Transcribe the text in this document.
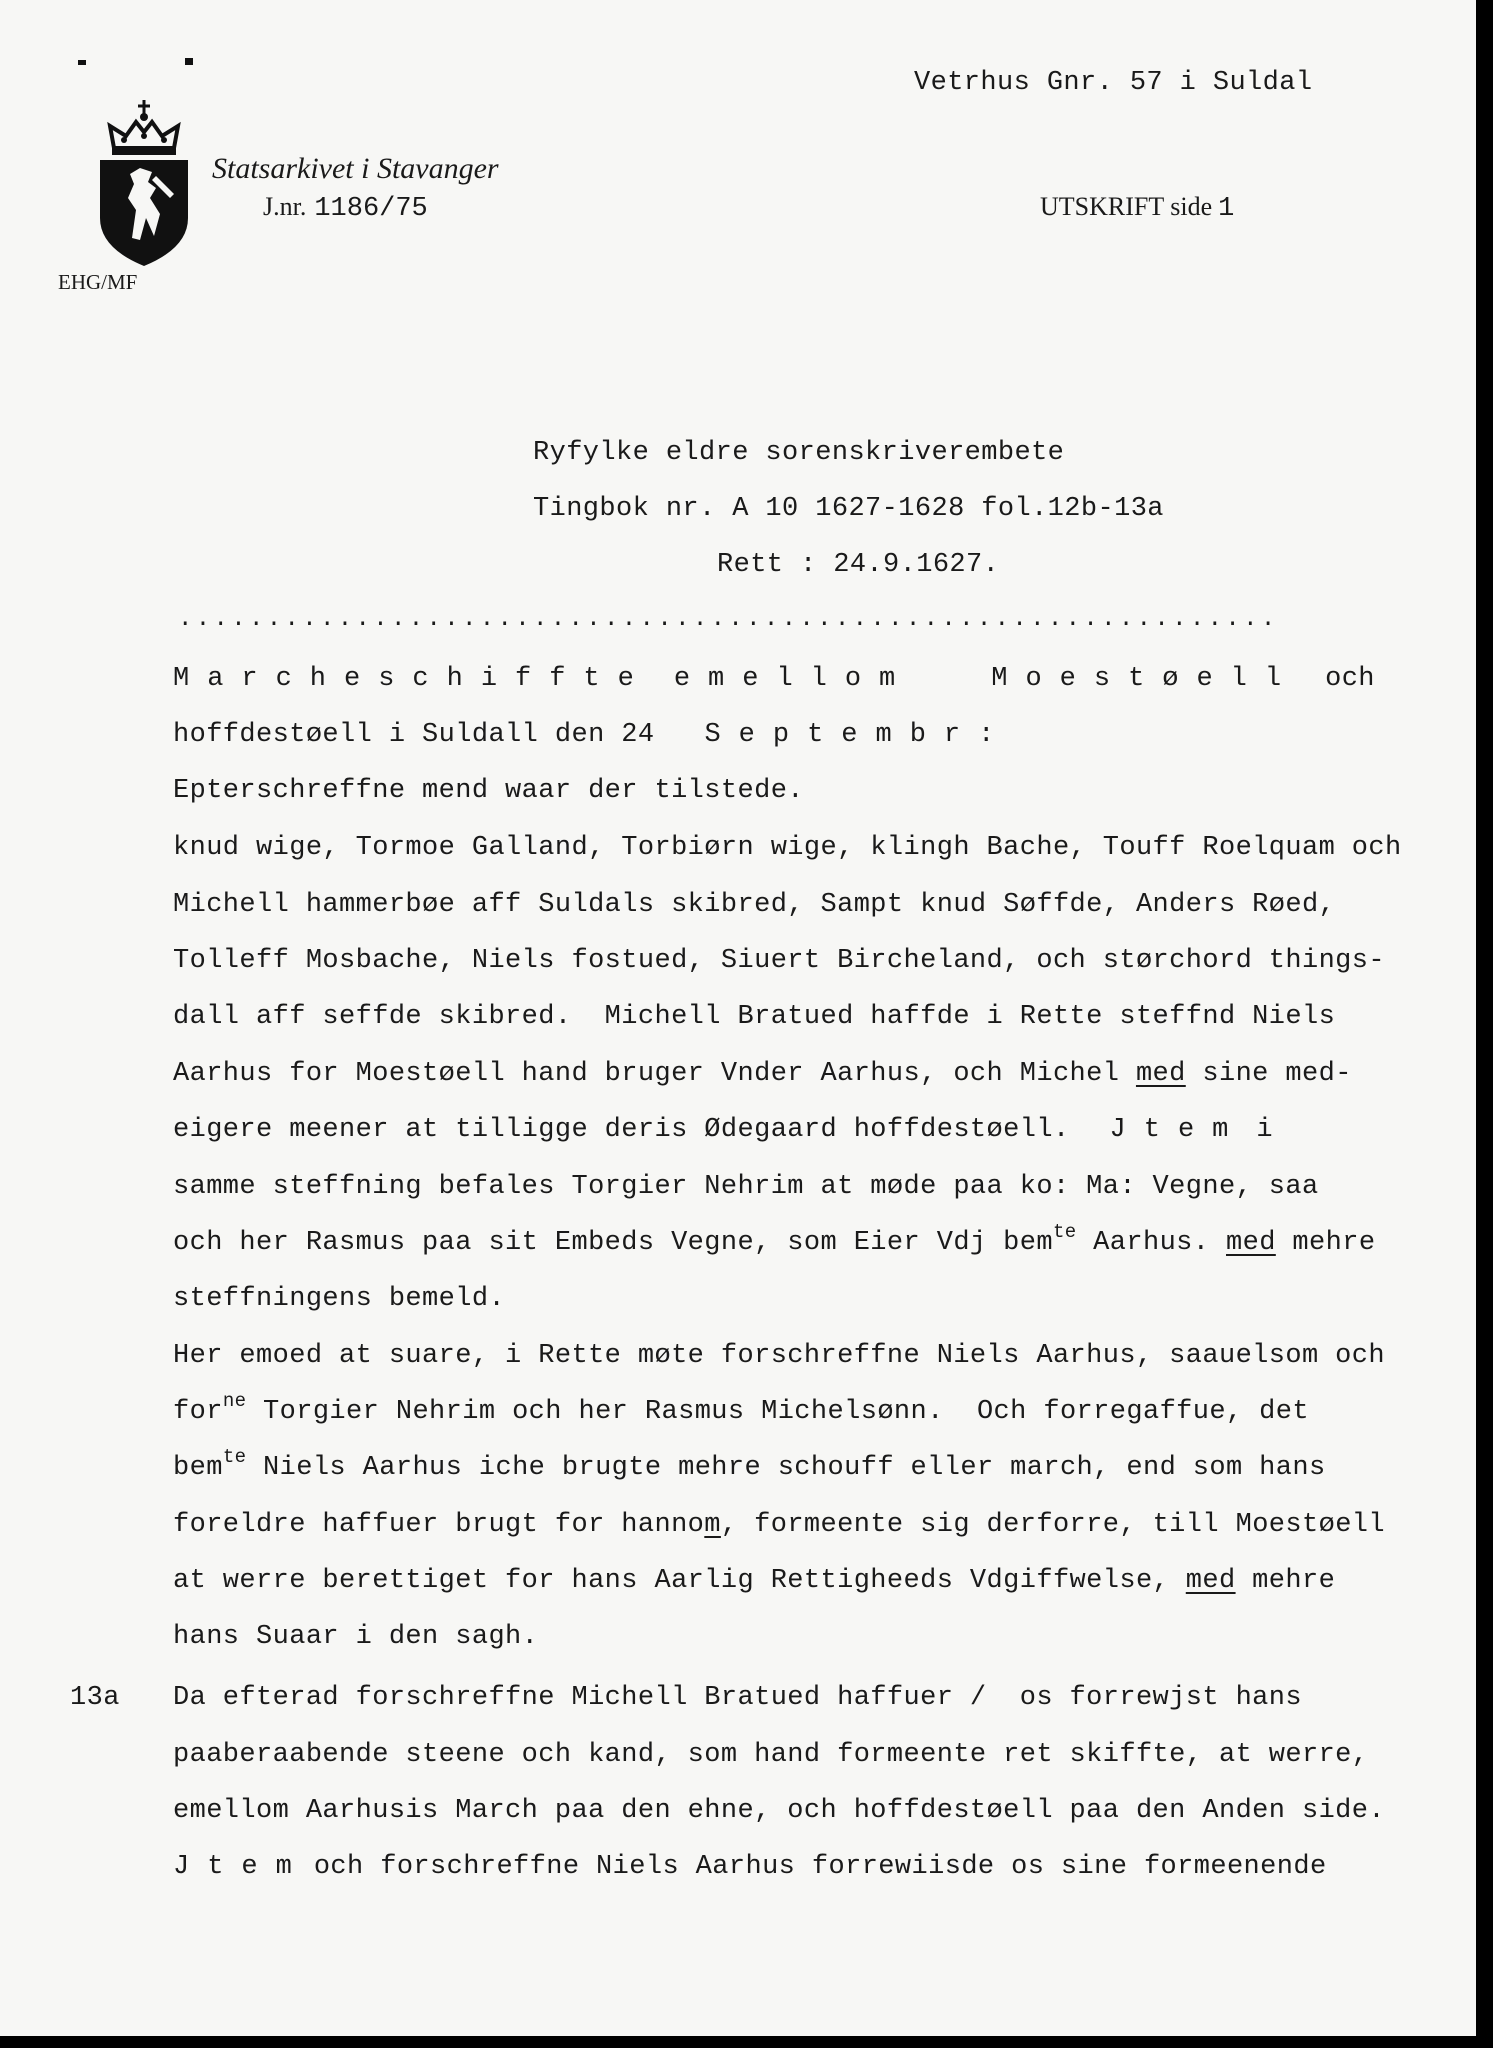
Vetrhus Gnr. 57 i Suldal
Statsarkivet i Stavanger
J.nr. 1186/75
EHG/MF
UTSKRIFT side 1
Ryfylke eldre sorenskriverembete
Tingbok nr. A 10 1627-1628 fol.12b-13a
Rett : 24.9.1627.
..............................................................
Marcheschiffte emellom	Moestøell och
hoffdestøell i Suldall den 24 Septembr:
Epterschreffne mend waar der tilstede.
knud wige, Tormoe Galland, Torbiørn wige, klingh Bache, Touff Roelquam och
Michell hammerbøe aff Suldals skibred, Sampt knud Søffde, Anders Røed,
Tolleff Mosbache, Niels fostued, Siuert Bircheland, och størchord things-
dall aff seffde skibred.  Michell Bratued haffde i Rette steffnd Niels
Aarhus for Moestøell hand bruger Vnder Aarhus, och Michel med sine med-
eigere meener at tilligge deris Ødegaard hoffdestøell. Jtem i
samme steffning befales Torgier Nehrim at møde paa ko: Ma: Vegne, saa
och her Rasmus paa sit Embeds Vegne, som Eier Vdj bem$^{te}$ Aarhus. med mehre
steffningens bemeld.
Her emoed at suare, i Rette møte forschreffne Niels Aarhus, saauelsom och
for$^{ne}$ Torgier Nehrim och her Rasmus Michelsønn.  Och forregaffue, det
bem$^{te}$ Niels Aarhus iche brugte mehre schouff eller march, end som hans
foreldre haffuer brugt for hannom, formeente sig derforre, till Moestøell
at werre berettiget for hans Aarlig Rettigheeds Vdgiffwelse, med mehre
hans Suaar i den sagh.
13a Da efterad forschreffne Michell Bratued haffuer /  os forrewjst hans
paaberaabende steene och kand, som hand formeente ret skiffte, at werre,
emellom Aarhusis March paa den ehne, och hoffdestøell paa den Anden side.
Jtem och forschreffne Niels Aarhus forrewiisde os sine formeenende
